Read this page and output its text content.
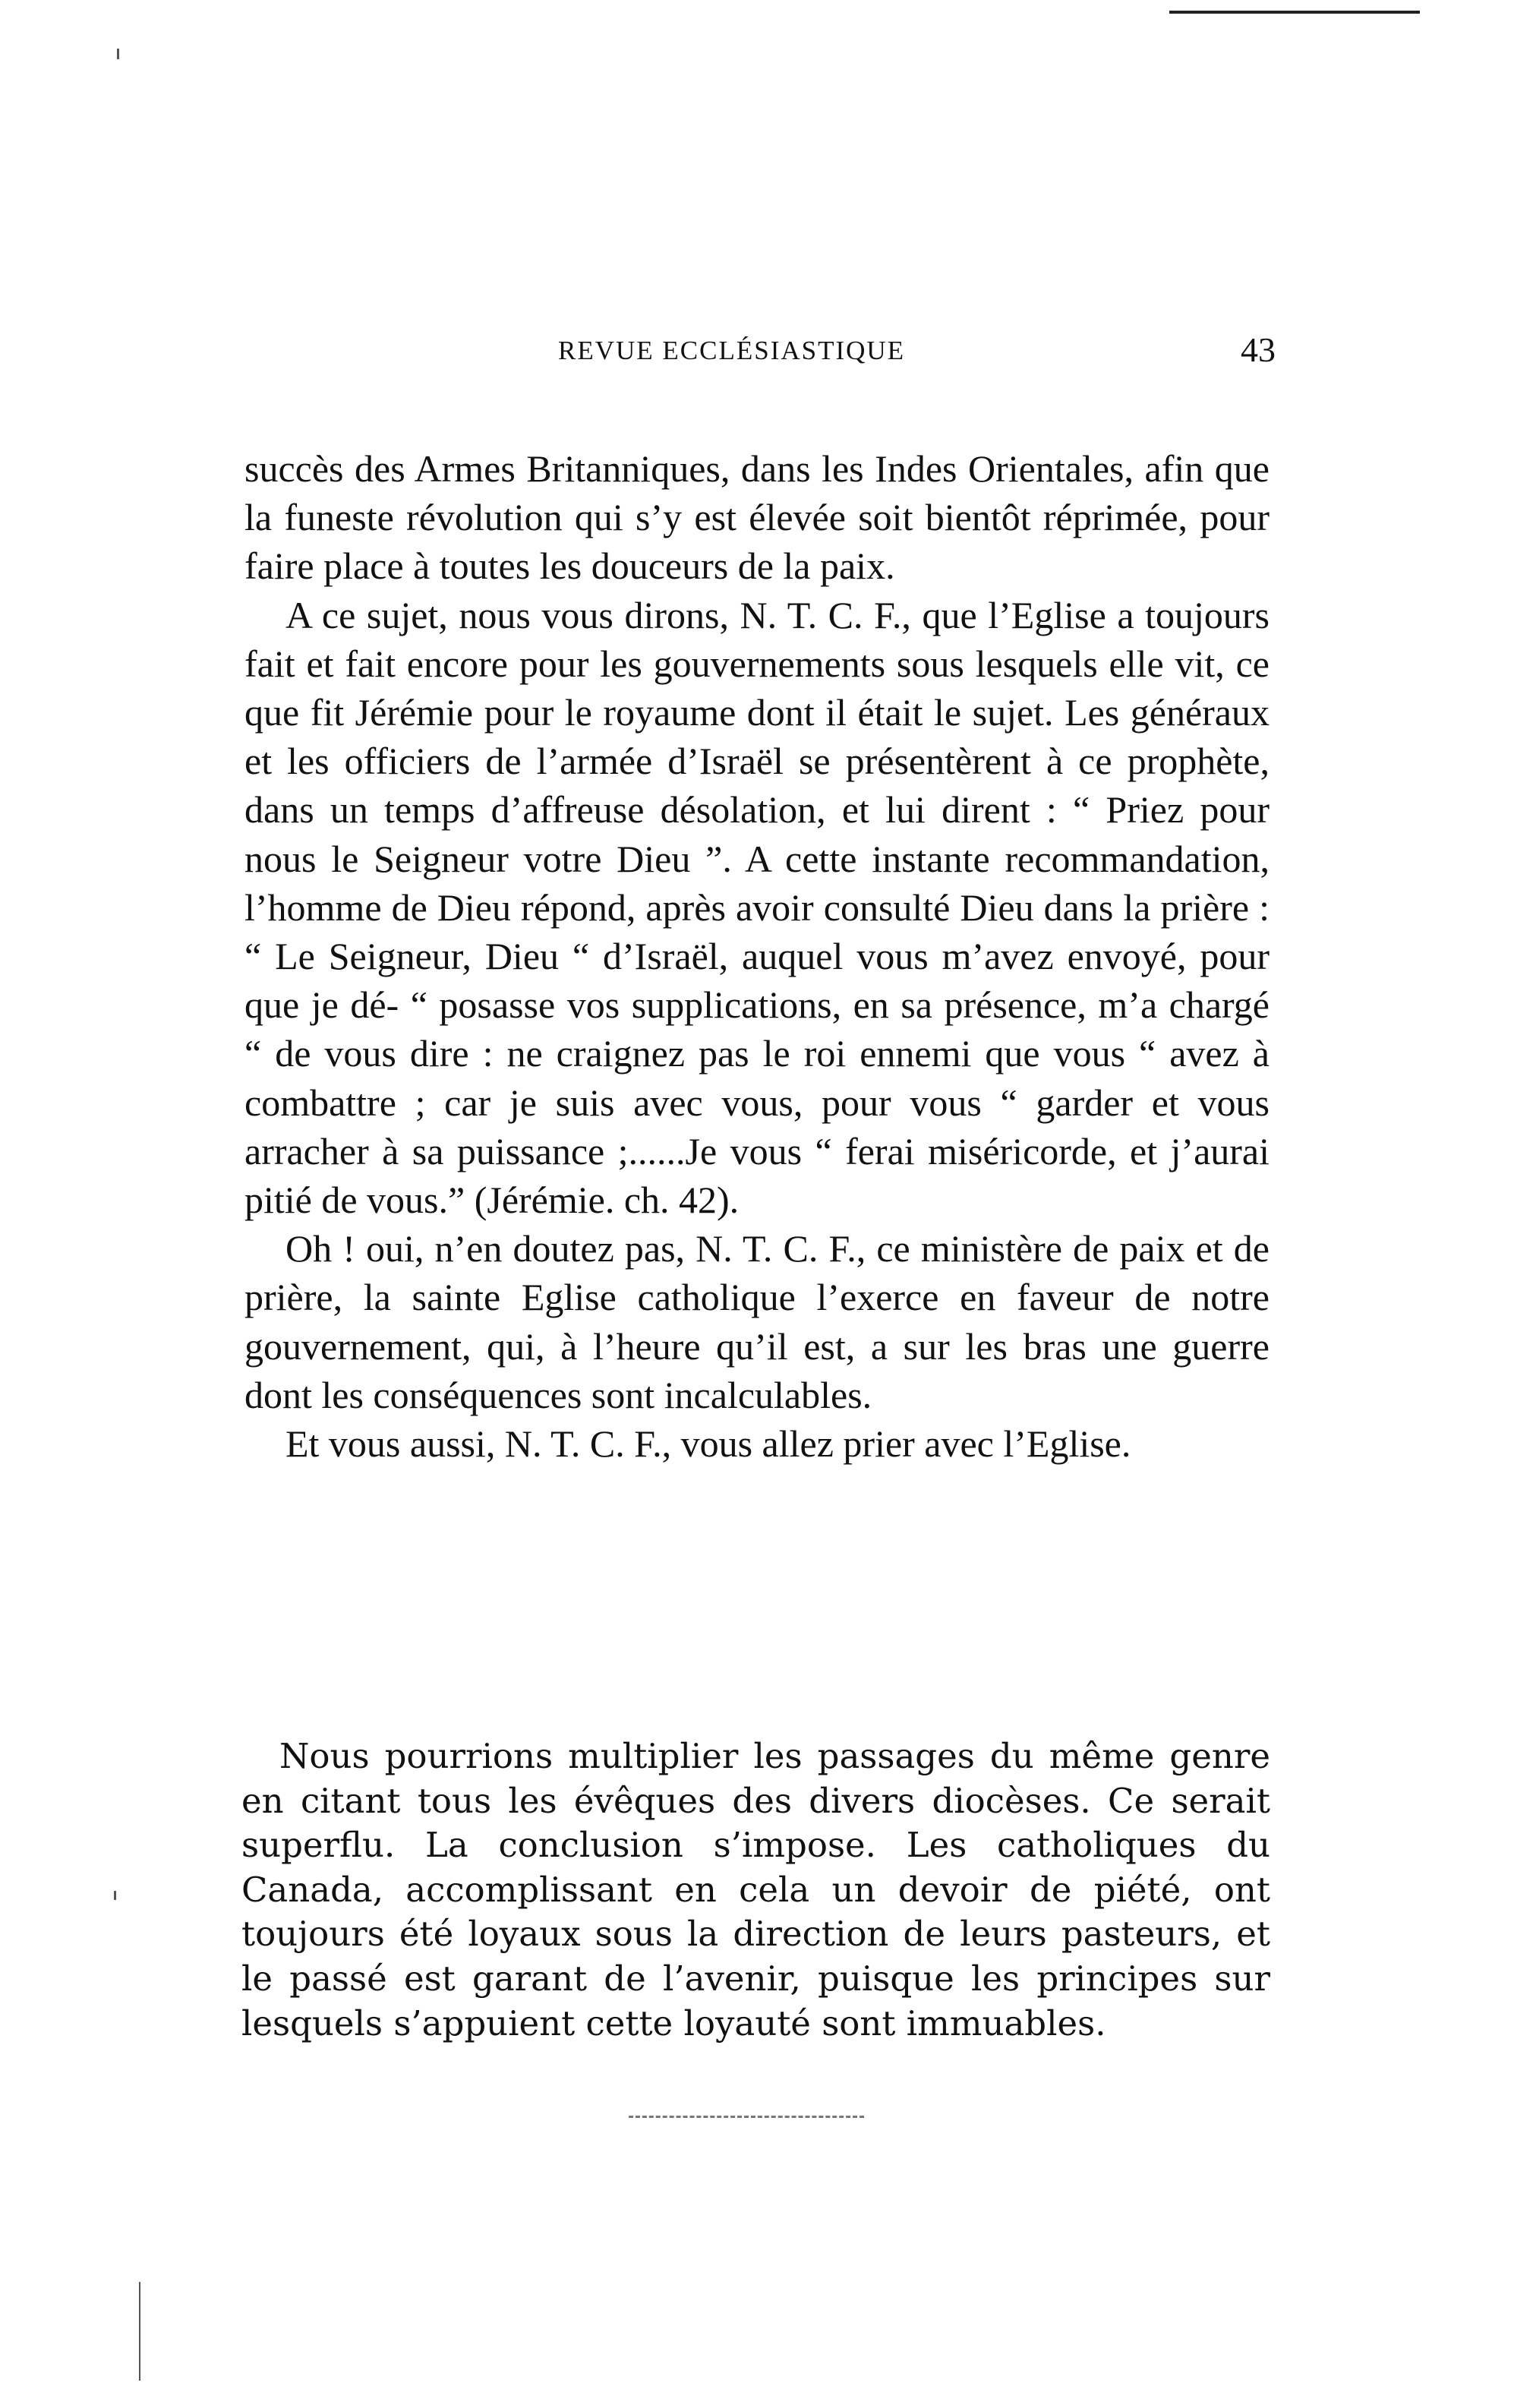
REVUE ECCLÉSIASTIQUE	43

succès des Armes Britanniques, dans les Indes Orientales, afin que la funeste révolution qui s’y est élevée soit bientôt réprimée, pour faire place à toutes les douceurs de la paix.

A ce sujet, nous vous dirons, N. T. C. F., que l’Eglise a toujours fait et fait encore pour les gouvernements sous lesquels elle vit, ce que fit Jérémie pour le royaume dont il était le sujet. Les généraux et les officiers de l’armée d’Israël se présentèrent à ce prophète, dans un temps d’affreuse désolation, et lui dirent : “ Priez pour nous le Seigneur votre Dieu ”. A cette instante recommandation, l’homme de Dieu répond, après avoir consulté Dieu dans la prière : “ Le Seigneur, Dieu “ d’Israël, auquel vous m’avez envoyé, pour que je dé- “ posasse vos supplications, en sa présence, m’a chargé “ de vous dire : ne craignez pas le roi ennemi que vous “ avez à combattre ; car je suis avec vous, pour vous “ garder et vous arracher à sa puissance ;......Je vous “ ferai miséricorde, et j’aurai pitié de vous.” (Jérémie. ch. 42).

Oh ! oui, n’en doutez pas, N. T. C. F., ce ministère de paix et de prière, la sainte Eglise catholique l’exerce en faveur de notre gouvernement, qui, à l’heure qu’il est, a sur les bras une guerre dont les conséquences sont incalculables.

Et vous aussi, N. T. C. F., vous allez prier avec l’Eglise.

Nous pourrions multiplier les passages du même genre en citant tous les évêques des divers diocèses. Ce serait superflu. La conclusion s’impose. Les catholiques du Canada, accomplissant en cela un devoir de piété, ont toujours été loyaux sous la direction de leurs pasteurs, et le passé est garant de l’avenir, puisque les principes sur lesquels s’appuient cette loyauté sont immuables.
